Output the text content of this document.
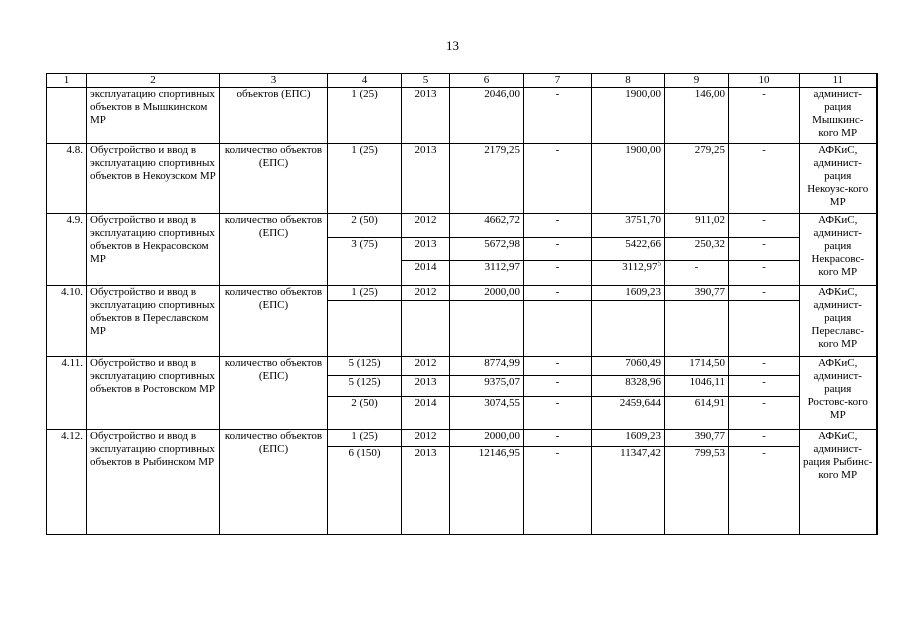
13
1	2	3	4	5	6	7	8	9	10	11
	эксплуатацию спортивных объектов в Мышкинском МР	объектов (ЕПС)	1 (25)	2013	2046,00	-	1900,00	146,00	-	админист-рация Мышкинс-кого МР
4.8.	Обустройство и ввод в эксплуатацию спортивных объектов в Некоузском МР	количество объектов (ЕПС)	1 (25)	2013	2179,25	-	1900,00	279,25	-	АФКиС, админист-рация Некоузс-кого МР
4.9.	Обустройство и ввод в эксплуатацию спортивных объектов в Некрасовском МР	количество объектов (ЕПС)	2 (50)	2012	4662,72	-	3751,70	911,02	-	АФКиС, админист-рация Некрасовс-кого МР
			3 (75)	2013	5672,98	-	5422,66	250,32	-	
				2014	3112,97	-	3112,97$^5$	-	-	
4.10.	Обустройство и ввод в эксплуатацию спортивных объектов в Переславском МР	количество объектов (ЕПС)	1 (25)	2012	2000,00	-	1609,23	390,77	-	АФКиС, админист-рация Переславс-кого МР

4.11.	Обустройство и ввод в эксплуатацию спортивных объектов в Ростовском МР	количество объектов (ЕПС)	5 (125)	2012	8774,99	-	7060,49	1714,50	-	АФКиС, админист-рация Ростовс-кого МР
			5 (125)	2013	9375,07	-	8328,96	1046,11	-	
			2 (50)	2014	3074,55	-	2459,644	614,91	-	
4.12.	Обустройство и ввод в эксплуатацию спортивных объектов в Рыбинском МР	количество объектов (ЕПС)	1 (25)	2012	2000,00	-	1609,23	390,77	-	АФКиС, админист-рация Рыбинс-кого МР
			6 (150)	2013	12146,95	-	11347,42	799,53	-	
